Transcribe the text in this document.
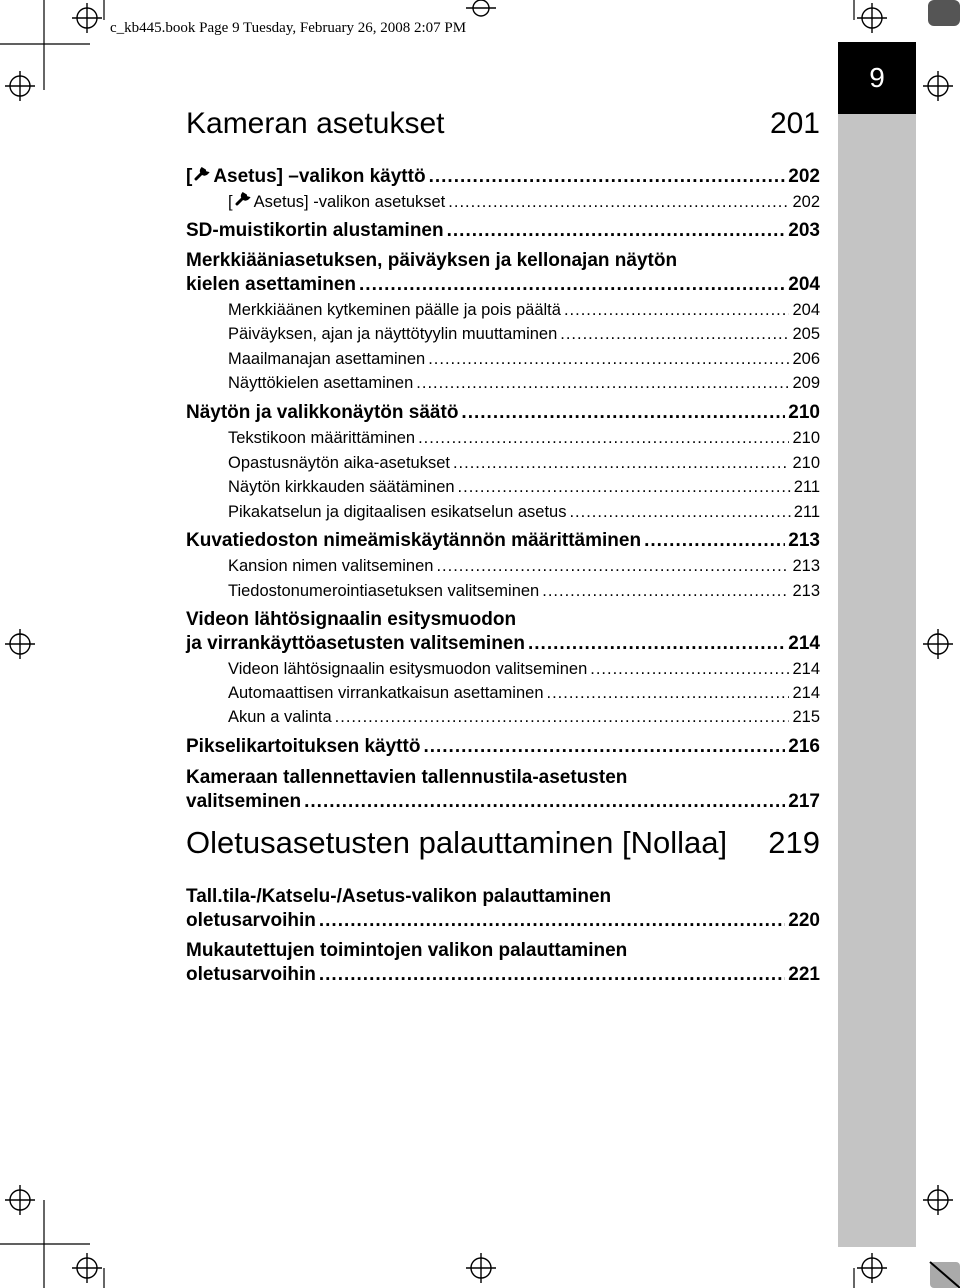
c_kb445.book Page 9 Tuesday, February 26, 2008 2:07 PM
9
Kameran asetukset	201
[ Asetus] –valikon käyttö .....	202
[ Asetus] -valikon asetukset .....	202
SD-muistikortin alustaminen .....	203
Merkkiääniasetuksen, päiväyksen ja kellonajan näytön
kielen asettaminen .....	204
Merkkiäänen kytkeminen päälle ja pois päältä .....	204
Päiväyksen, ajan ja näyttötyylin muuttaminen .....	205
Maailmanajan asettaminen .....	206
Näyttökielen asettaminen .....	209
Näytön ja valikkonäytön säätö .....	210
Tekstikoon määrittäminen .....	210
Opastusnäytön aika-asetukset .....	210
Näytön kirkkauden säätäminen .....	211
Pikakatselun ja digitaalisen esikatselun asetus .....	211
Kuvatiedoston nimeämiskäytännön määrittäminen .....	213
Kansion nimen valitseminen .....	213
Tiedostonumerointiasetuksen valitseminen .....	213
Videon lähtösignaalin esitysmuodon
ja virrankäyttöasetusten valitseminen .....	214
Videon lähtösignaalin esitysmuodon valitseminen .....	214
Automaattisen virrankatkaisun asettaminen .....	214
Akun a valinta .....	215
Pikselikartoituksen käyttö .....	216
Kameraan tallennettavien tallennustila-asetusten
valitseminen .....	217
Oletusasetusten palauttaminen [Nollaa] 219
Tall.tila-/Katselu-/Asetus-valikon palauttaminen
oletusarvoihin .....	220
Mukautettujen toimintojen valikon palauttaminen
oletusarvoihin .....	221
